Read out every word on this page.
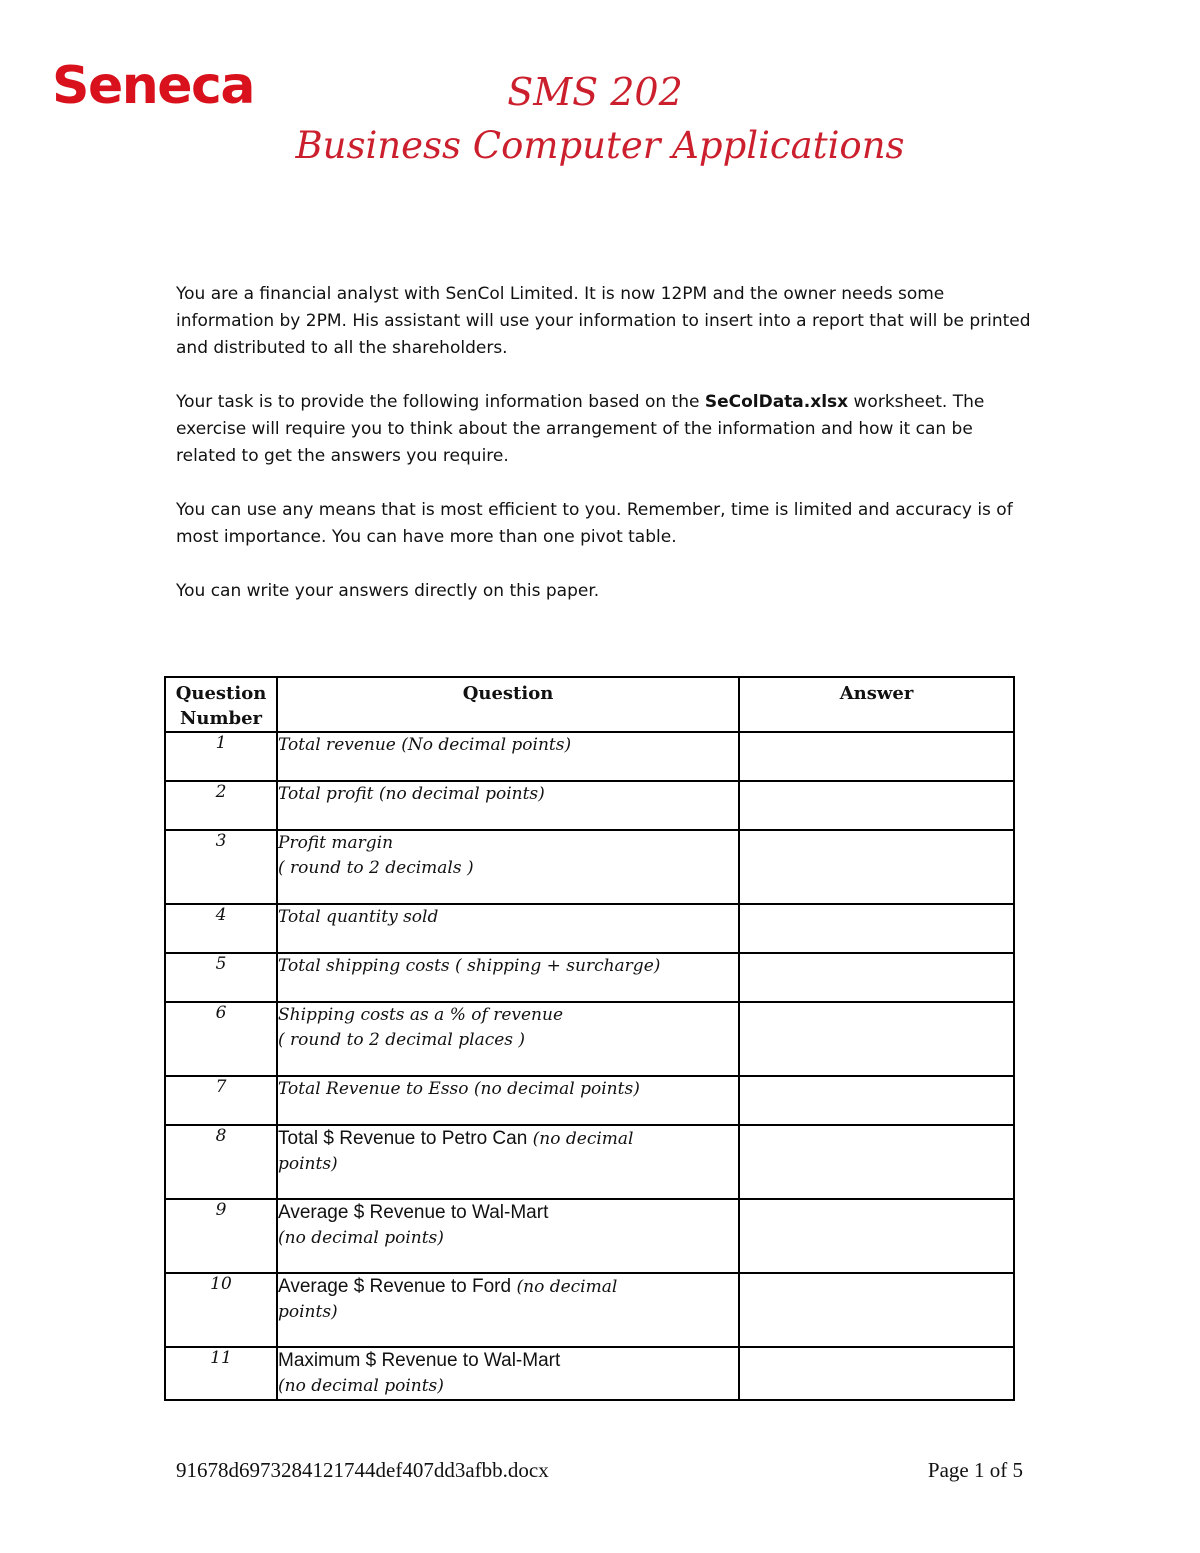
Seneca	SMS 202
Business Computer Applications

You are a financial analyst with SenCol Limited. It is now 12PM and the owner needs some information by 2PM. His assistant will use your information to insert into a report that will be printed and distributed to all the shareholders.

Your task is to provide the following information based on the SeColData.xlsx worksheet. The exercise will require you to think about the arrangement of the information and how it can be related to get the answers you require.

You can use any means that is most efficient to you. Remember, time is limited and accuracy is of most importance. You can have more than one pivot table.

You can write your answers directly on this paper.

Question
Number	Question	Answer
1	Total revenue (No decimal points)	
2	Total profit (no decimal points)	
3	Profit margin
( round to 2 decimals )	
4	Total quantity sold	
5	Total shipping costs ( shipping + surcharge)	
6	Shipping costs as a % of revenue
( round to 2 decimal places )	
7	Total Revenue to Esso (no decimal points)	
8	Total $ Revenue to Petro Can (no decimal
points)	
9	Average $ Revenue to Wal-Mart
(no decimal points)	
10	Average $ Revenue to Ford (no decimal
points)	
11	Maximum $ Revenue to Wal-Mart
(no decimal points)	
91678d6973284121744def407dd3afbb.docx	Page 1 of 5
